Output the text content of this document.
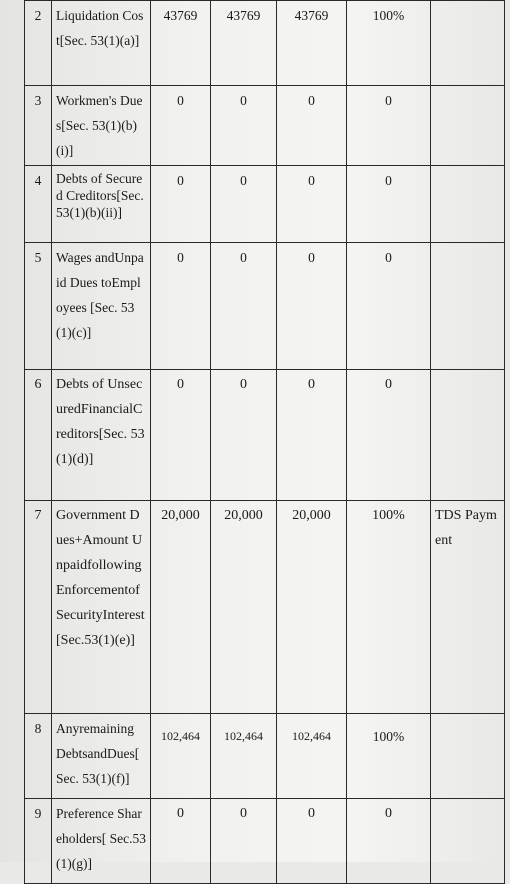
2	Liquidation Cost[Sec. 53(1)(a)]	43769	43769	43769	100%	
3	Workmen's Dues[Sec. 53(1)(b)(i)]	0	0	0	0	
4	Debts of Secured Creditors[Sec. 53(1)(b)(ii)]	0	0	0	0	
5	Wages andUnpaid Dues toEmployees [Sec. 53(1)(c)]	0	0	0	0	
6	Debts of UnsecuredFinancialCreditors[Sec. 53(1)(d)]	0	0	0	0	
7	Government Dues+Amount UnpaidfollowingEnforcementofSecurityInterest [Sec.53(1)(e)]	20,000	20,000	20,000	100%	TDS Payment
8	Anyremaining DebtsandDues[ Sec. 53(1)(f)]	102,464	102,464	102,464	100%	
9	Preference Shareholders[ Sec.53(1)(g)]	0	0	0	0	
